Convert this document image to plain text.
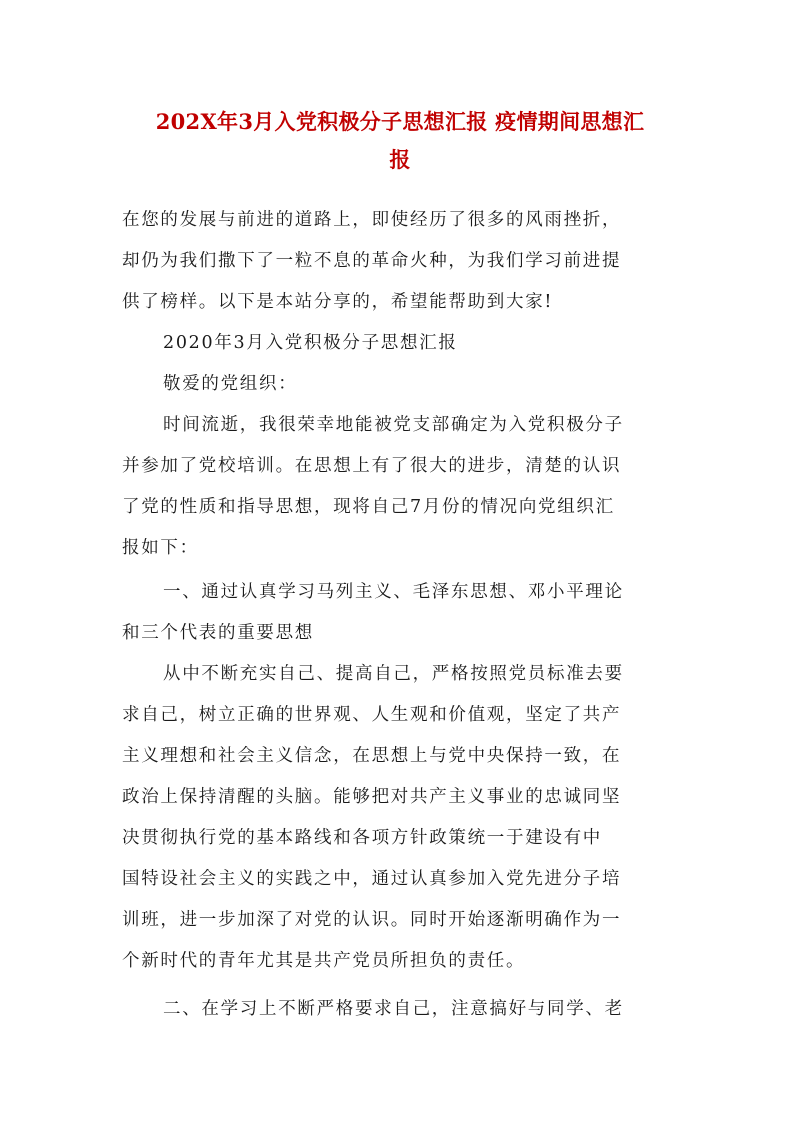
202X年3月入党积极分子思想汇报 疫情期间思想汇
报
在您的发展与前进的道路上，即使经历了很多的风雨挫折，
却仍为我们撒下了一粒不息的革命火种，为我们学习前进提
供了榜样。以下是本站分享的，希望能帮助到大家!
2020年3月入党积极分子思想汇报
敬爱的党组织：
时间流逝，我很荣幸地能被党支部确定为入党积极分子
并参加了党校培训。在思想上有了很大的进步，清楚的认识
了党的性质和指导思想，现将自己7月份的情况向党组织汇
报如下：
一、通过认真学习马列主义、毛泽东思想、邓小平理论
和三个代表的重要思想
从中不断充实自己、提高自己，严格按照党员标准去要
求自己，树立正确的世界观、人生观和价值观，坚定了共产
主义理想和社会主义信念，在思想上与党中央保持一致，在
政治上保持清醒的头脑。能够把对共产主义事业的忠诚同坚
决贯彻执行党的基本路线和各项方针政策统一于建设有中
国特设社会主义的实践之中，通过认真参加入党先进分子培
训班，进一步加深了对党的认识。同时开始逐渐明确作为一
个新时代的青年尤其是共产党员所担负的责任。
二、在学习上不断严格要求自己，注意搞好与同学、老
